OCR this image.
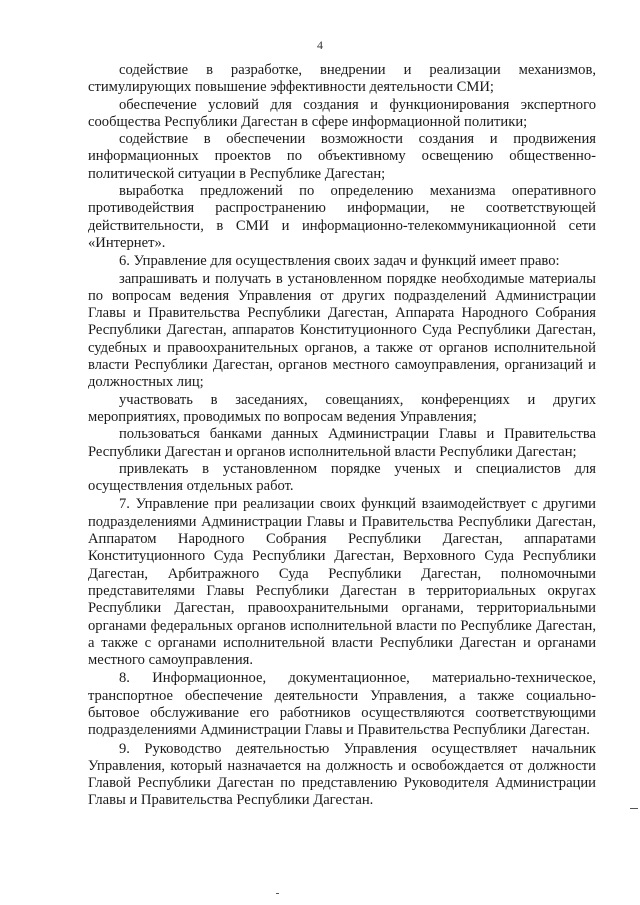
4

содействие в разработке, внедрении и реализации механизмов, стимулирующих повышение эффективности деятельности СМИ;

обеспечение условий для создания и функционирования экспертного сообщества Республики Дагестан в сфере информационной политики;

содействие в обеспечении возможности создания и продвижения информационных проектов по объективному освещению общественно-политической ситуации в Республике Дагестан;

выработка предложений по определению механизма оперативного противодействия распространению информации, не соответствующей действительности, в СМИ и информационно-телекоммуникационной сети «Интернет».

6. Управление для осуществления своих задач и функций имеет право:

запрашивать и получать в установленном порядке необходимые материалы по вопросам ведения Управления от других подразделений Администрации Главы и Правительства Республики Дагестан, Аппарата Народного Собрания Республики Дагестан, аппаратов Конституционного Суда Республики Дагестан, судебных и правоохранительных органов, а также от органов исполнительной власти Республики Дагестан, органов местного самоуправления, организаций и должностных лиц;

участвовать в заседаниях, совещаниях, конференциях и других мероприятиях, проводимых по вопросам ведения Управления;

пользоваться банками данных Администрации Главы и Правительства Республики Дагестан и органов исполнительной власти Республики Дагестан;

привлекать в установленном порядке ученых и специалистов для осуществления отдельных работ.

7. Управление при реализации своих функций взаимодействует с другими подразделениями Администрации Главы и Правительства Республики Дагестан, Аппаратом Народного Собрания Республики Дагестан, аппаратами Конституционного Суда Республики Дагестан, Верховного Суда Республики Дагестан, Арбитражного Суда Республики Дагестан, полномочными представителями Главы Республики Дагестан в территориальных округах Республики Дагестан, правоохранительными органами, территориальными органами федеральных органов исполнительной власти по Республике Дагестан, а также с органами исполнительной власти Республики Дагестан и органами местного самоуправления.

8. Информационное, документационное, материально-техническое, транспортное обеспечение деятельности Управления, а также социально-бытовое обслуживание его работников осуществляются соответствующими подразделениями Администрации Главы и Правительства Республики Дагестан.

9. Руководство деятельностью Управления осуществляет начальник Управления, который назначается на должность и освобождается от должности Главой Республики Дагестан по представлению Руководителя Администрации Главы и Правительства Республики Дагестан.
